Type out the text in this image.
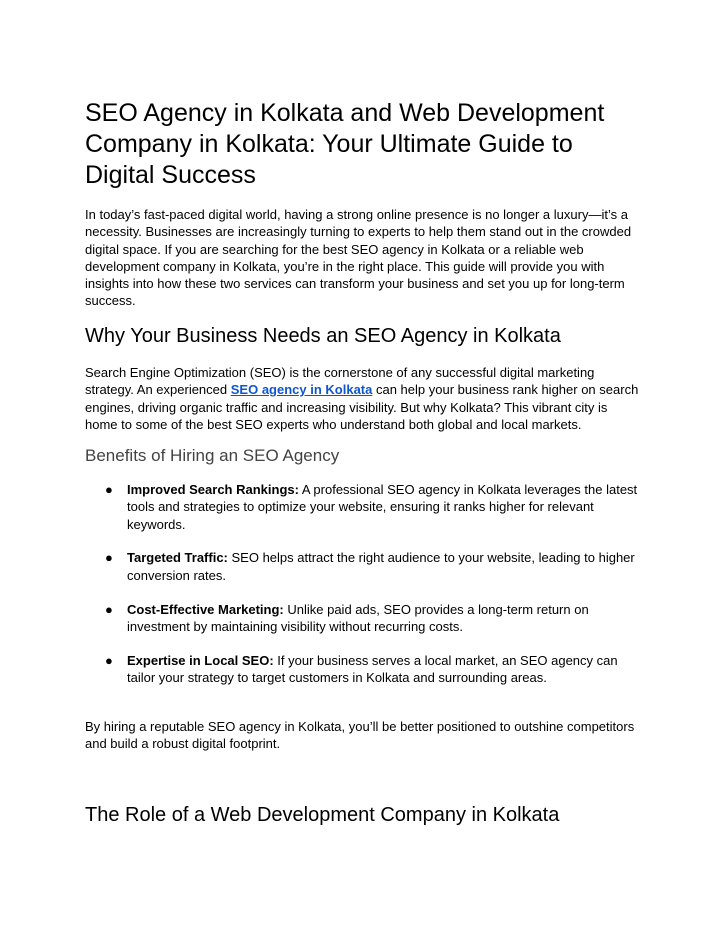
SEO Agency in Kolkata and Web Development Company in Kolkata: Your Ultimate Guide to Digital Success

In today’s fast-paced digital world, having a strong online presence is no longer a luxury—it’s a necessity. Businesses are increasingly turning to experts to help them stand out in the crowded digital space. If you are searching for the best SEO agency in Kolkata or a reliable web development company in Kolkata, you’re in the right place. This guide will provide you with insights into how these two services can transform your business and set you up for long-term success.

Why Your Business Needs an SEO Agency in Kolkata

Search Engine Optimization (SEO) is the cornerstone of any successful digital marketing strategy. An experienced SEO agency in Kolkata can help your business rank higher on search engines, driving organic traffic and increasing visibility. But why Kolkata? This vibrant city is home to some of the best SEO experts who understand both global and local markets.

Benefits of Hiring an SEO Agency
● Improved Search Rankings: A professional SEO agency in Kolkata leverages the latest tools and strategies to optimize your website, ensuring it ranks higher for relevant keywords.
● Targeted Traffic: SEO helps attract the right audience to your website, leading to higher conversion rates.
● Cost-Effective Marketing: Unlike paid ads, SEO provides a long-term return on investment by maintaining visibility without recurring costs.
● Expertise in Local SEO: If your business serves a local market, an SEO agency can tailor your strategy to target customers in Kolkata and surrounding areas.

By hiring a reputable SEO agency in Kolkata, you’ll be better positioned to outshine competitors and build a robust digital footprint.

The Role of a Web Development Company in Kolkata
